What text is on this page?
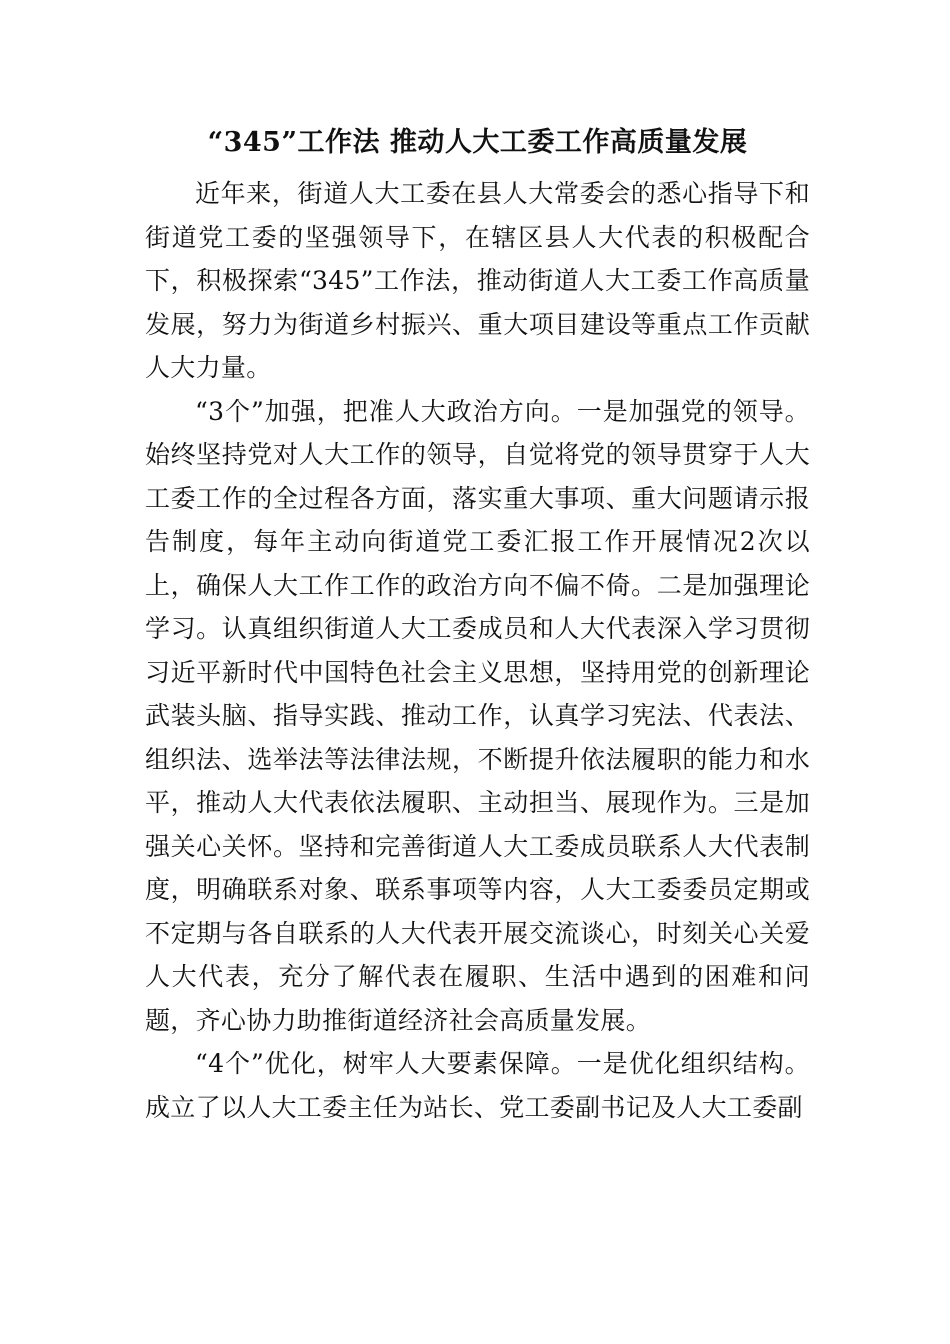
“345”工作法 推动人大工委工作高质量发展

近年来，街道人大工委在县人大常委会的悉心指导下和街道党工委的坚强领导下，在辖区县人大代表的积极配合下，积极探索“345”工作法，推动街道人大工委工作高质量发展，努力为街道乡村振兴、重大项目建设等重点工作贡献人大力量。

“3个”加强，把准人大政治方向。一是加强党的领导。始终坚持党对人大工作的领导，自觉将党的领导贯穿于人大工委工作的全过程各方面，落实重大事项、重大问题请示报告制度，每年主动向街道党工委汇报工作开展情况2次以上，确保人大工作工作的政治方向不偏不倚。二是加强理论学习。认真组织街道人大工委成员和人大代表深入学习贯彻习近平新时代中国特色社会主义思想，坚持用党的创新理论武装头脑、指导实践、推动工作，认真学习宪法、代表法、组织法、选举法等法律法规，不断提升依法履职的能力和水平，推动人大代表依法履职、主动担当、展现作为。三是加强关心关怀。坚持和完善街道人大工委成员联系人大代表制度，明确联系对象、联系事项等内容，人大工委委员定期或不定期与各自联系的人大代表开展交流谈心，时刻关心关爱人大代表，充分了解代表在履职、生活中遇到的困难和问题，齐心协力助推街道经济社会高质量发展。

“4个”优化，树牢人大要素保障。一是优化组织结构。成立了以人大工委主任为站长、党工委副书记及人大工委副
